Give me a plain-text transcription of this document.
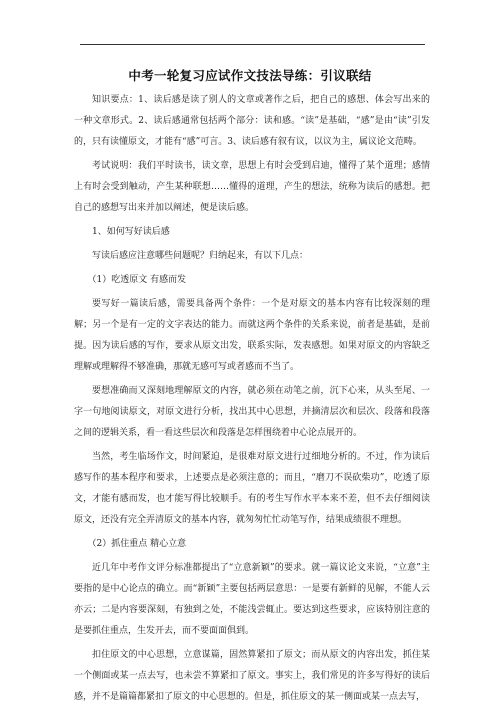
中考一轮复习应试作文技法导练：引议联结

知识要点：1、读后感是读了别人的文章或著作之后，把自己的感想、体会写出来的一种文章形式。2、读后感通常包括两个部分：读和感。“读”是基础，“感”是由“读”引发的，只有读懂原文，才能有“感”可言。3、读后感有叙有议，以议为主，属议论文范畴。

考试说明：我们平时读书，读文章，思想上有时会受到启迪，懂得了某个道理；感情上有时会受到触动，产生某种联想……懂得的道理，产生的想法，统称为读后的感想。把自己的感想写出来并加以阐述，便是读后感。

1、如何写好读后感

写读后感应注意哪些问题呢？归纳起来，有以下几点：

（1）吃透原文 有感而发

要写好一篇读后感，需要具备两个条件：一个是对原文的基本内容有比较深刻的理解；另一个是有一定的文字表达的能力。而就这两个条件的关系来说，前者是基础，是前提。因为读后感的写作，要求从原文出发，联系实际，发表感想。如果对原文的内容缺乏理解或理解得不够准确，那就无感可写或者感而不当了。

要想准确而又深刻地理解原文的内容，就必须在动笔之前，沉下心来，从头至尾、一字一句地阅读原文，对原文进行分析，找出其中心思想，并摘清层次和层次、段落和段落之间的逻辑关系，看一看这些层次和段落是怎样围绕着中心论点展开的。

当然，考生临场作文，时间紧迫，是很难对原文进行过细地分析的。不过，作为读后感写作的基本程序和要求，上述要点是必须注意的；而且，“磨刀不误砍柴功”，吃透了原文，才能有感而发，也才能写得比较顺手。有的考生写作水平本来不差，但不去仔细阅读原文，还没有完全弄清原文的基本内容，就匆匆忙忙动笔写作，结果成绩很不理想。

（2）抓住重点 精心立意

近几年中考作文评分标准都提出了“立意新颖”的要求。就一篇议论文来说，“立意”主要指的是中心论点的确立。而“新颖”主要包括两层意思：一是要有新鲜的见解，不能人云亦云；二是内容要深刻，有独到之处，不能浅尝辄止。要达到这些要求，应该特别注意的是要抓住重点，生发开去，而不要面面俱到。

扣住原文的中心思想，立意谋篇，固然算紧扣了原文；而从原文的内容出发，抓住某一个侧面或某一点去写，也未尝不算紧扣了原文。事实上，我们常见的许多写得好的读后感，并不是篇篇都紧扣了原文的中心思想的。但是，抓住原文的某一侧面或某一点去写，
